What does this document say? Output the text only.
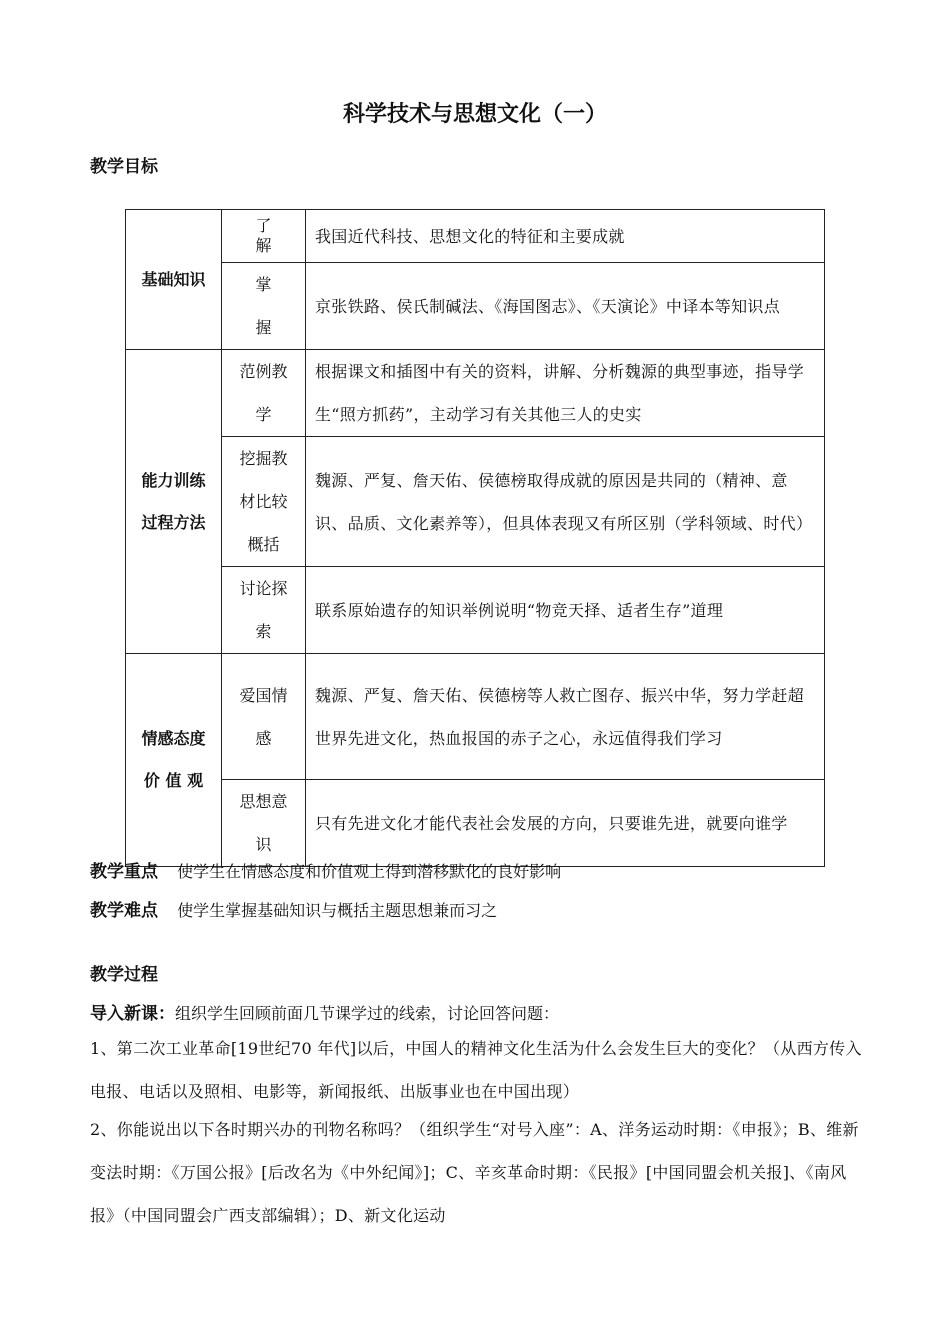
科学技术与思想文化（一）
教学目标
基础知识	了解	我国近代科技、思想文化的特征和主要成就

	掌握	京张铁路、侯氏制碱法、《海国图志》、《天演论》中译本等知识点

能力训练
过程方法	范例教学	根据课文和插图中有关的资料，讲解、分析魏源的典型事迹，指导学生“照方抓药”，主动学习有关其他三人的史实

	挖掘教材比较概括	魏源、严复、詹天佑、侯德榜取得成就的原因是共同的（精神、意识、品质、文化素养等），但具体表现又有所区别（学科领域、时代）

	讨论探索	联系原始遗存的知识举例说明“物竞天择、适者生存”道理

情感态度
价 值 观	爱国情感	魏源、严复、詹天佑、侯德榜等人救亡图存、振兴中华，努力学赶超世界先进文化，热血报国的赤子之心，永远值得我们学习

	思想意识	只有先进文化才能代表社会发展的方向，只要谁先进，就要向谁学
教学重点 使学生在情感态度和价值观上得到潜移默化的良好影响
教学难点 使学生掌握基础知识与概括主题思想兼而习之
教学过程
导入新课：组织学生回顾前面几节课学过的线索，讨论回答问题：
1、第二次工业革命[19世纪70 年代]以后，中国人的精神文化生活为什么会发生巨大的变化？（从西方传入电报、电话以及照相、电影等，新闻报纸、出版事业也在中国出现）
2、你能说出以下各时期兴办的刊物名称吗？（组织学生“对号入座”：A、洋务运动时期：《申报》；B、维新变法时期：《万国公报》[后改名为《中外纪闻》]；C、辛亥革命时期：《民报》[中国同盟会机关报]、《南风报》（中国同盟会广西支部编辑）；D、新文化运动
